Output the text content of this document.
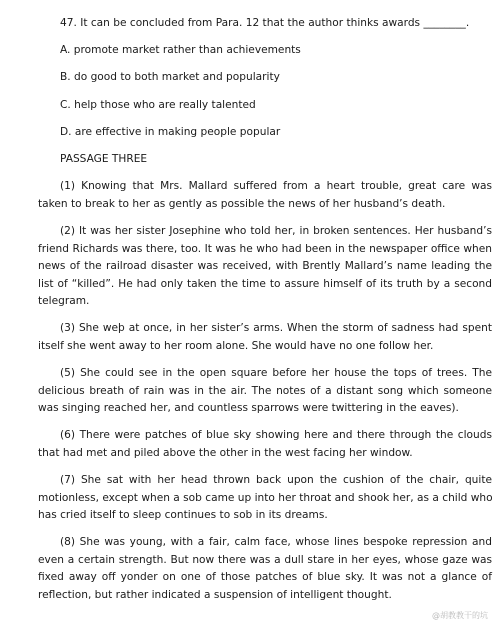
47. It can be concluded from Para. 12 that the author thinks awards ________.
A. promote market rather than achievements
B. do good to both market and popularity
C. help those who are really talented
D. are effective in making people popular
PASSAGE THREE
(1) Knowing that Mrs. Mallard suffered from a heart trouble, great care was
taken to break to her as gently as possible the news of her husband’s death.
(2) It was her sister Josephine who told her, in broken sentences. Her husband’s
friend Richards was there, too. It was he who had been in the newspaper office when
news of the railroad disaster was received, with Brently Mallard’s name leading the
list of “killed”. He had only taken the time to assure himself of its truth by a second
telegram.
(3) She weþ at once, in her sister’s arms. When the storm of sadness had spent
itself she went away to her room alone. She would have no one follow her.
(5) She could see in the open square before her house the tops of trees. The
delicious breath of rain was in the air. The notes of a distant song which someone
was singing reached her, and countless sparrows were twittering in the eaves).
(6) There were patches of blue sky showing here and there through the clouds
that had met and piled above the other in the west facing her window.
(7) She sat with her head thrown back upon the cushion of the chair, quite
motionless, except when a sob came up into her throat and shook her, as a child who
has cried itself to sleep continues to sob in its dreams.
(8) She was young, with a fair, calm face, whose lines bespoke repression and
even a certain strength. But now there was a dull stare in her eyes, whose gaze was
fixed away off yonder on one of those patches of blue sky. It was not a glance of
reflection, but rather indicated a suspension of intelligent thought.
@胡教教干的坑
